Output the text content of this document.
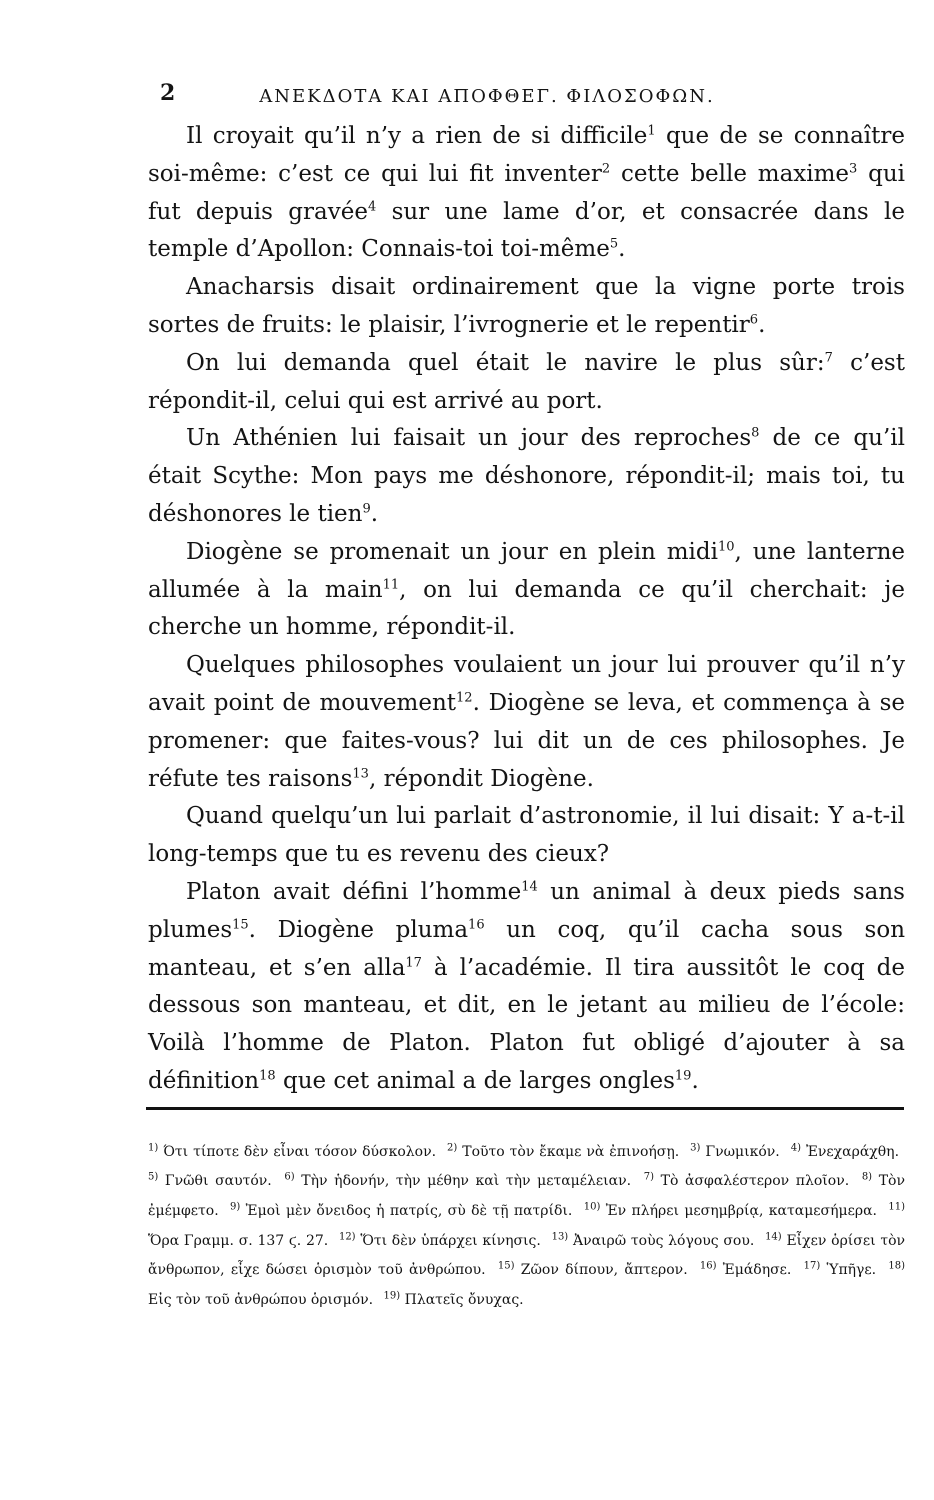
2	ΑΝΕΚΔΟΤΑ ΚΑΙ ΑΠΟΦΘΕΓ. ΦΙΛΟΣΟΦΩΝ.

Il croyait qu’il n’y a rien de si difficile$^1$ que de se connaître soi-même: c’est ce qui lui fit inventer$^2$ cette belle maxime$^3$ qui fut depuis gravée$^4$ sur une lame d’or, et consacrée dans le temple d’Apollon: Connais-toi toi-même$^5$.

Anacharsis disait ordinairement que la vigne porte trois sortes de fruits: le plaisir, l’ivrognerie et le repentir$^6$.

On lui demanda quel était le navire le plus sûr:$^7$ c’est répondit-il, celui qui est arrivé au port.

Un Athénien lui faisait un jour des reproches$^8$ de ce qu’il était Scythe: Mon pays me déshonore, répondit-il; mais toi, tu déshonores le tien$^9$.

Diogène se promenait un jour en plein midi$^{10}$, une lanterne allumée à la main$^{11}$, on lui demanda ce qu’il cherchait: je cherche un homme, répondit-il.

Quelques philosophes voulaient un jour lui prouver qu’il n’y avait point de mouvement$^{12}$. Diogène se leva, et commença à se promener: que faites-vous? lui dit un de ces philosophes. Je réfute tes raisons$^{13}$, répondit Diogène.

Quand quelqu’un lui parlait d’astronomie, il lui disait: Y a-t-il long-temps que tu es revenu des cieux?

Platon avait défini l’homme$^{14}$ un animal à deux pieds sans plumes$^{15}$. Diogène pluma$^{16}$ un coq, qu’il cacha sous son manteau, et s’en alla$^{17}$ à l’académie. Il tira aussitôt le coq de dessous son manteau, et dit, en le jetant au milieu de l’école: Voilà l’homme de Platon. Platon fut obligé d’ajouter à sa définition$^{18}$ que cet animal a de larges ongles$^{19}$.

$^{1)}$ Ότι τίποτε δὲν εἶναι τόσον δύσκολον. $^{2)}$ Τοῦτο τὸν ἔκαμε νὰ ἐπινοήσῃ. $^{3)}$ Γνωμικόν. $^{4)}$ Ἐνεχαράχθη. $^{5)}$ Γνῶθι σαυτόν. $^{6)}$ Τὴν ἡδονήν, τὴν μέθην καὶ τὴν μεταμέλειαν. $^{7)}$ Τὸ ἀσφαλέστερον πλοῖον. $^{8)}$ Τὸν ἐμέμφετο. $^{9)}$ Ἐμοὶ μὲν ὄνειδος ἡ πατρίς, σὺ δὲ τῇ πατρίδι. $^{10)}$ Ἐν πλήρει μεσημβρίᾳ, καταμεσήμερα. $^{11)}$ Ὅρα Γραμμ. σ. 137 ϛ. 27. $^{12)}$ Ὅτι δὲν ὑπάρχει κίνησις. $^{13)}$ Ἀναιρῶ τοὺς λόγους σου. $^{14)}$ Εἶχεν ὁρίσει τὸν ἄνθρωπον, εἶχε δώσει ὁρισμὸν τοῦ ἀνθρώπου. $^{15)}$ Ζῶον δίπουν, ἄπτερον. $^{16)}$ Ἐμάδησε. $^{17)}$ Ὑπῆγε. $^{18)}$ Εἰς τὸν τοῦ ἀνθρώπου ὁρισμόν. $^{19)}$ Πλατεῖς ὄνυχας.
